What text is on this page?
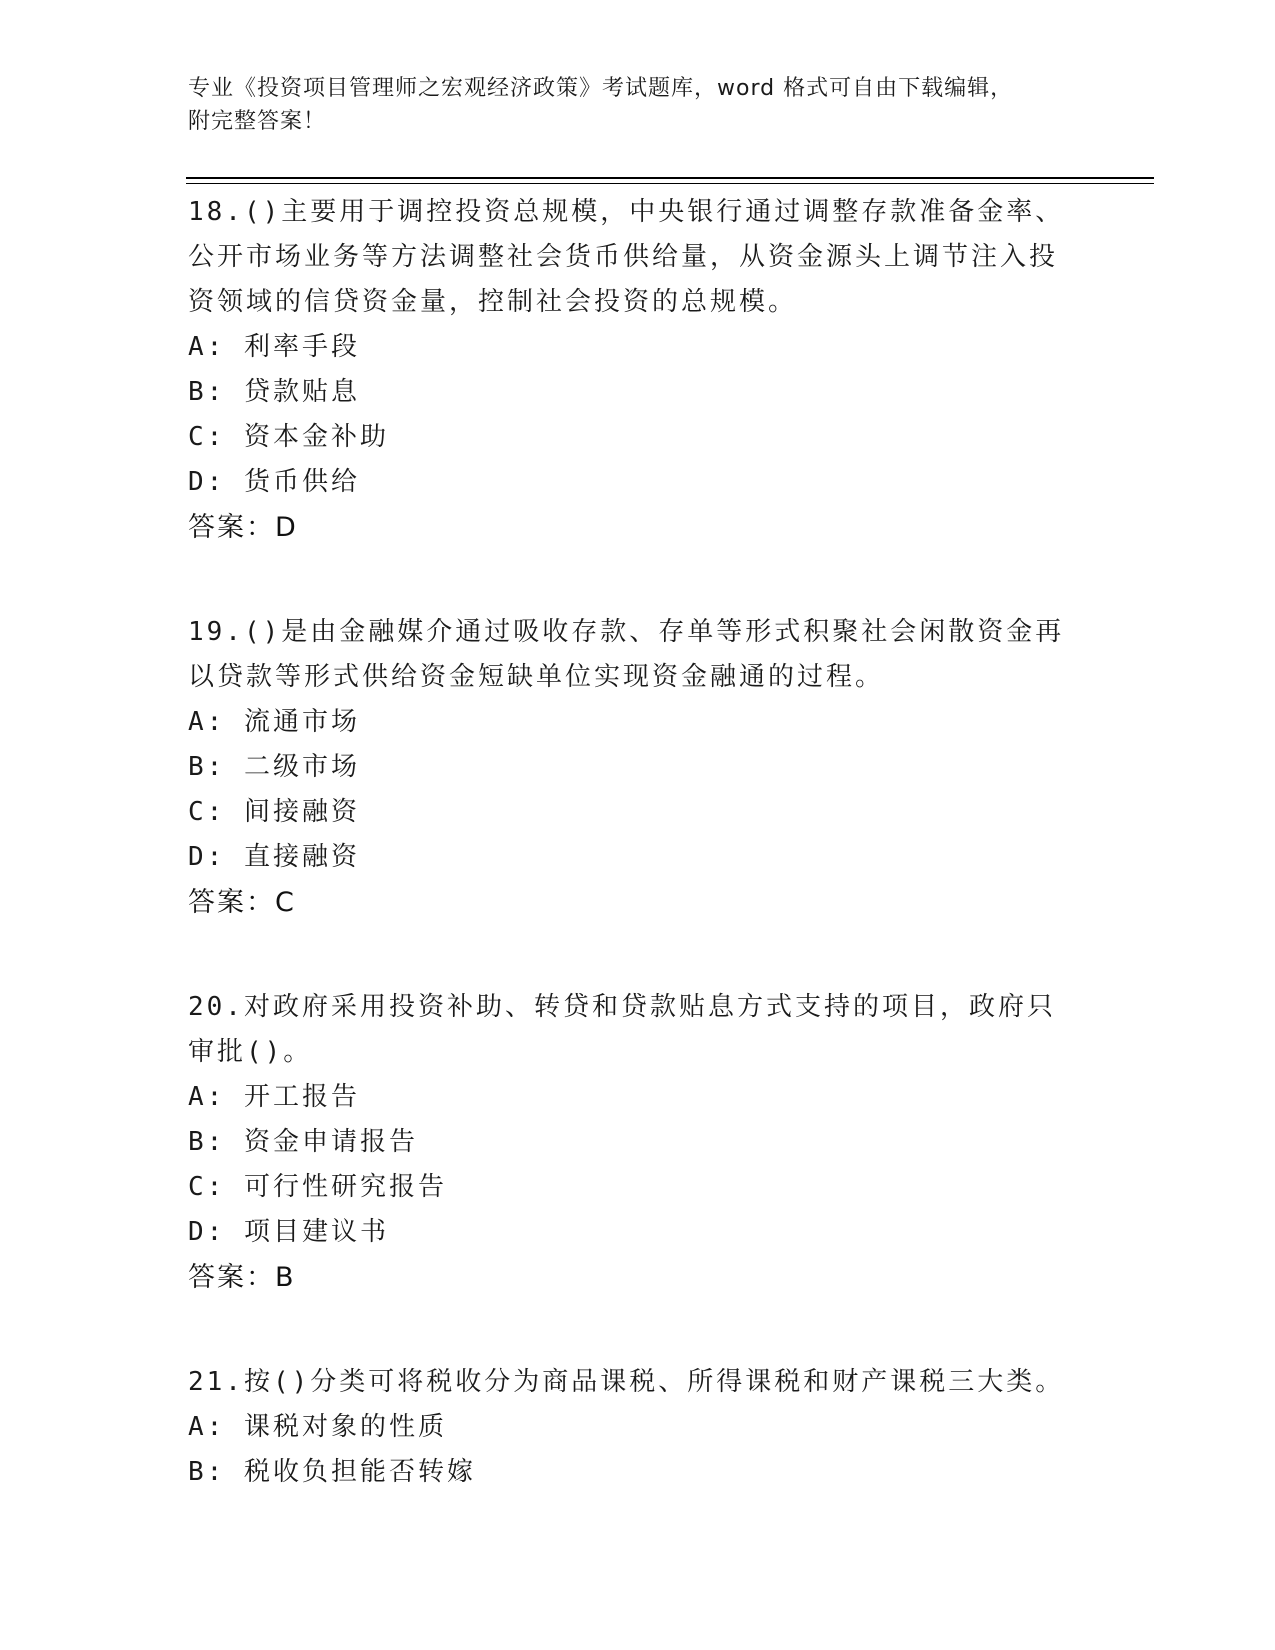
专业《投资项目管理师之宏观经济政策》考试题库，word 格式可自由下载编辑，
附完整答案！
18.()主要用于调控投资总规模，中央银行通过调整存款准备金率、公开市场业务等方法调整社会货币供给量，从资金源头上调节注入投资领域的信贷资金量，控制社会投资的总规模。
A: 利率手段
B: 贷款贴息
C: 资本金补助
D: 货币供给
答案：D
19.()是由金融媒介通过吸收存款、存单等形式积聚社会闲散资金再以贷款等形式供给资金短缺单位实现资金融通的过程。
A: 流通市场
B: 二级市场
C: 间接融资
D: 直接融资
答案：C
20.对政府采用投资补助、转贷和贷款贴息方式支持的项目，政府只审批()。
A: 开工报告
B: 资金申请报告
C: 可行性研究报告
D: 项目建议书
答案：B
21.按()分类可将税收分为商品课税、所得课税和财产课税三大类。
A: 课税对象的性质
B: 税收负担能否转嫁
